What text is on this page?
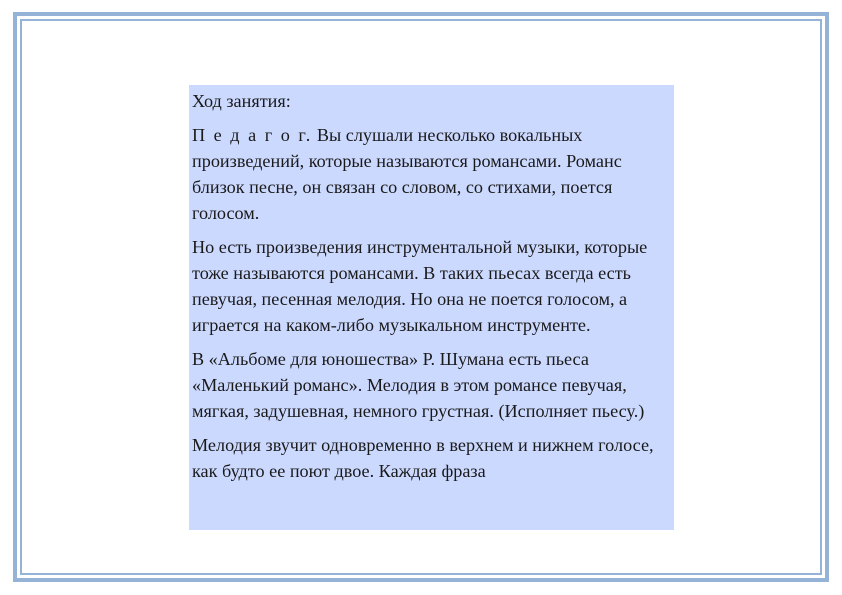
Ход занятия:

П е д а г о г. Вы слушали несколько вокальных произведений, которые называются романсами. Романс близок песне, он связан со словом, со стихами, поется голосом.

Но есть произведения инструментальной музыки, которые тоже называются романсами. В таких пьесах всегда есть певучая, песенная мелодия. Но она не поется голосом, а играется на каком-либо музыкальном инструменте.

В «Альбоме для юношества» Р. Шумана есть пьеса «Маленький романс». Мелодия в этом романсе певучая, мягкая, задушевная, немного грустная. (Исполняет пьесу.)

Мелодия звучит одновременно в верхнем и нижнем голосе, как будто ее поют двое. Каждая фраза
